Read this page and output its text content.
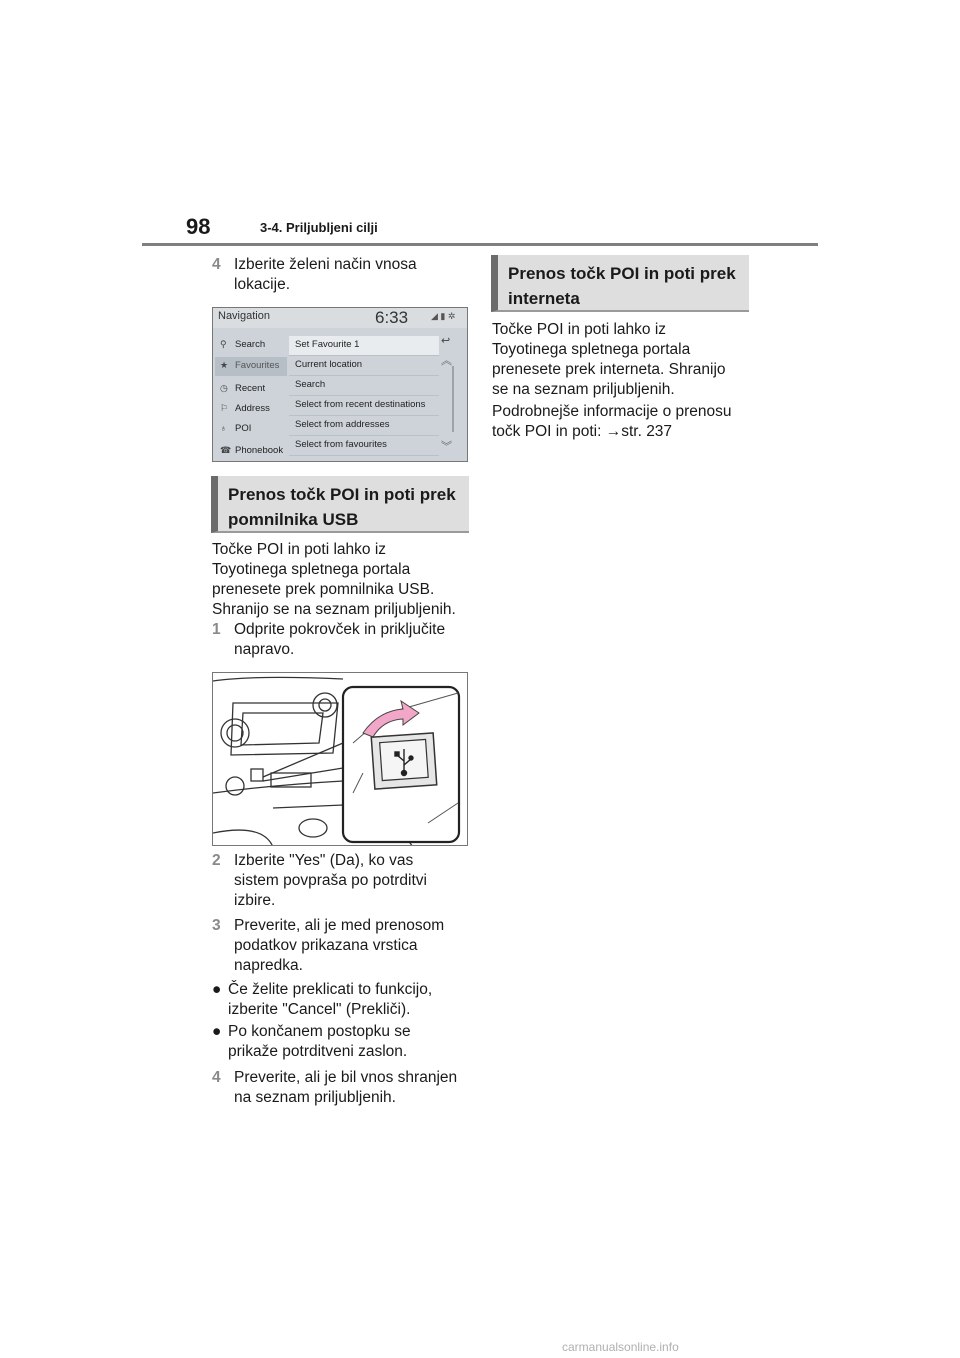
98	3-4. Priljubljeni cilji
4 Izberite želeni način vnosa
lokacije.
Navigation	6:33	◢ ▮ ✲
⚲ Search
★ Favourites
◷ Recent
⚐ Address
♁ POI
☎ Phonebook
Set Favourite 1
Current location
Search
Select from recent destinations
Select from addresses
Select from favourites
↩
︽
︾
Prenos točk POI in poti prek
pomnilnika USB
Točke POI in poti lahko iz
Toyotinega spletnega portala
prenesete prek pomnilnika USB.
Shranijo se na seznam priljubljenih.
1 Odprite pokrovček in priključite
napravo.
2 Izberite "Yes" (Da), ko vas
sistem povpraša po potrditvi
izbire.
3 Preverite, ali je med prenosom
podatkov prikazana vrstica
napredka.
● Če želite preklicati to funkcijo,
izberite "Cancel" (Prekliči).
● Po končanem postopku se
prikaže potrditveni zaslon.
4 Preverite, ali je bil vnos shranjen
na seznam priljubljenih.
Prenos točk POI in poti prek
interneta
Točke POI in poti lahko iz
Toyotinega spletnega portala
prenesete prek interneta. Shranijo
se na seznam priljubljenih.
Podrobnejše informacije o prenosu
točk POI in poti: →str. 237
carmanualsonline.info
